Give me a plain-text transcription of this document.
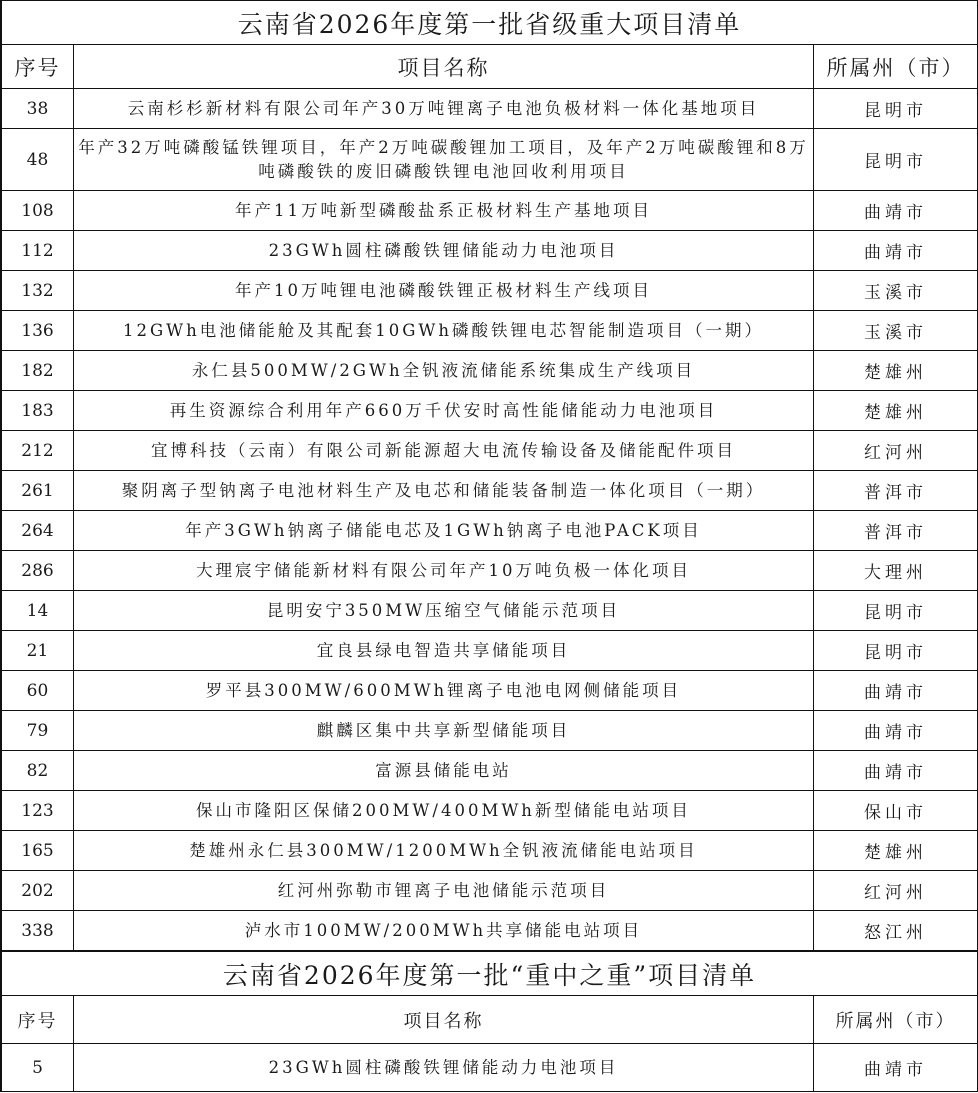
云南省2026年度第一批省级重大项目清单		
序号	项目名称	所属州（市）
38	云南杉杉新材料有限公司年产30万吨锂离子电池负极材料一体化基地项目	昆明市
48	年产32万吨磷酸锰铁锂项目，年产2万吨碳酸锂加工项目，及年产2万吨碳酸锂和8万吨磷酸铁的废旧磷酸铁锂电池回收利用项目	昆明市
108	年产11万吨新型磷酸盐系正极材料生产基地项目	曲靖市
112	23GWh圆柱磷酸铁锂储能动力电池项目	曲靖市
132	年产10万吨锂电池磷酸铁锂正极材料生产线项目	玉溪市
136	12GWh电池储能舱及其配套10GWh磷酸铁锂电芯智能制造项目（一期）	玉溪市
182	永仁县500MW/2GWh全钒液流储能系统集成生产线项目	楚雄州
183	再生资源综合利用年产660万千伏安时高性能储能动力电池项目	楚雄州
212	宜博科技（云南）有限公司新能源超大电流传输设备及储能配件项目	红河州
261	聚阴离子型钠离子电池材料生产及电芯和储能装备制造一体化项目（一期）	普洱市
264	年产3GWh钠离子储能电芯及1GWh钠离子电池PACK项目	普洱市
286	大理宸宇储能新材料有限公司年产10万吨负极一体化项目	大理州
14	昆明安宁350MW压缩空气储能示范项目	昆明市
21	宜良县绿电智造共享储能项目	昆明市
60	罗平县300MW/600MWh锂离子电池电网侧储能项目	曲靖市
79	麒麟区集中共享新型储能项目	曲靖市
82	富源县储能电站	曲靖市
123	保山市隆阳区保储200MW/400MWh新型储能电站项目	保山市
165	楚雄州永仁县300MW/1200MWh全钒液流储能电站项目	楚雄州
202	红河州弥勒市锂离子电池储能示范项目	红河州
338	泸水市100MW/200MWh共享储能电站项目	怒江州
云南省2026年度第一批“重中之重”项目清单		
序号	项目名称	所属州（市）
5	23GWh圆柱磷酸铁锂储能动力电池项目	曲靖市
